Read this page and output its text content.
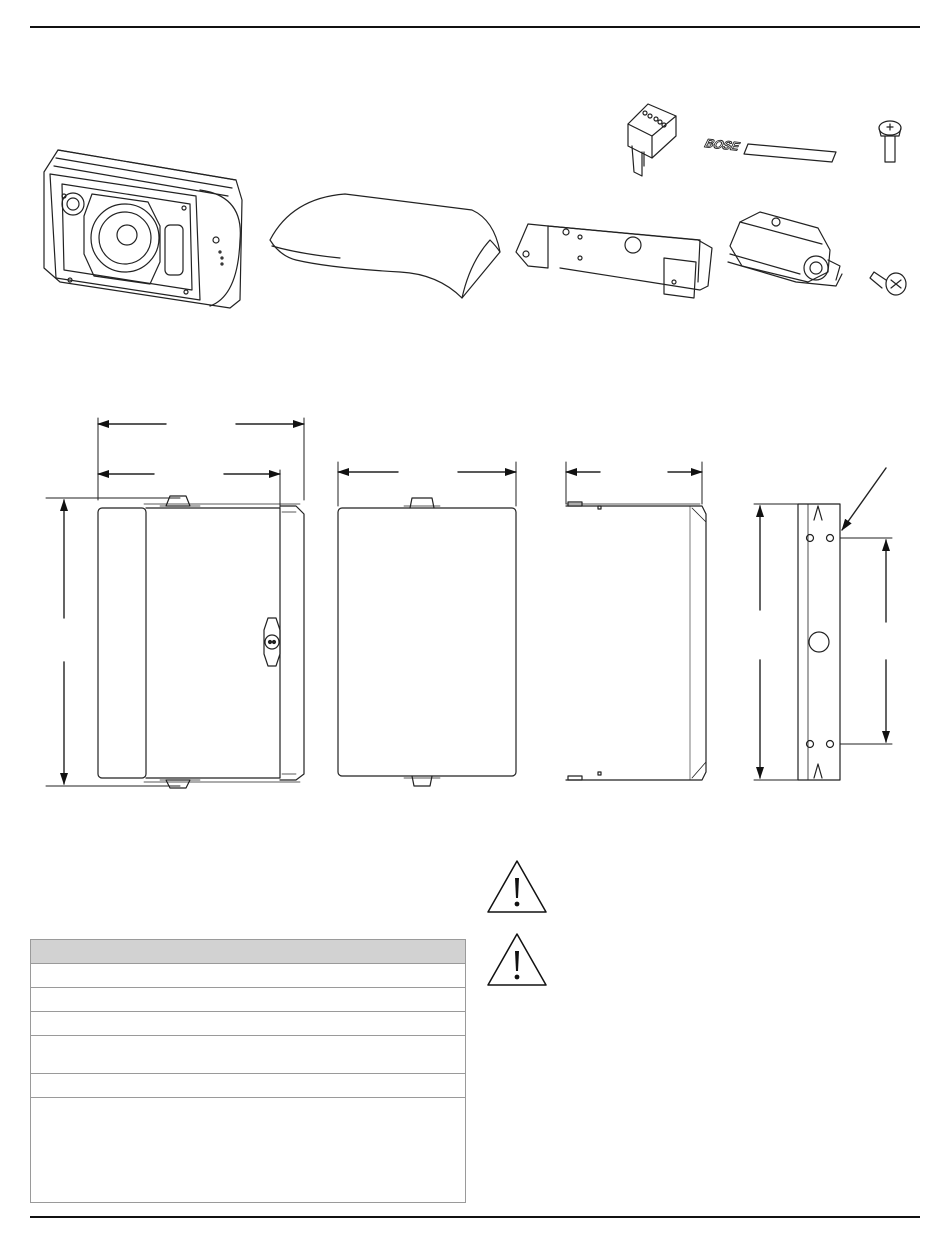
BOSE
